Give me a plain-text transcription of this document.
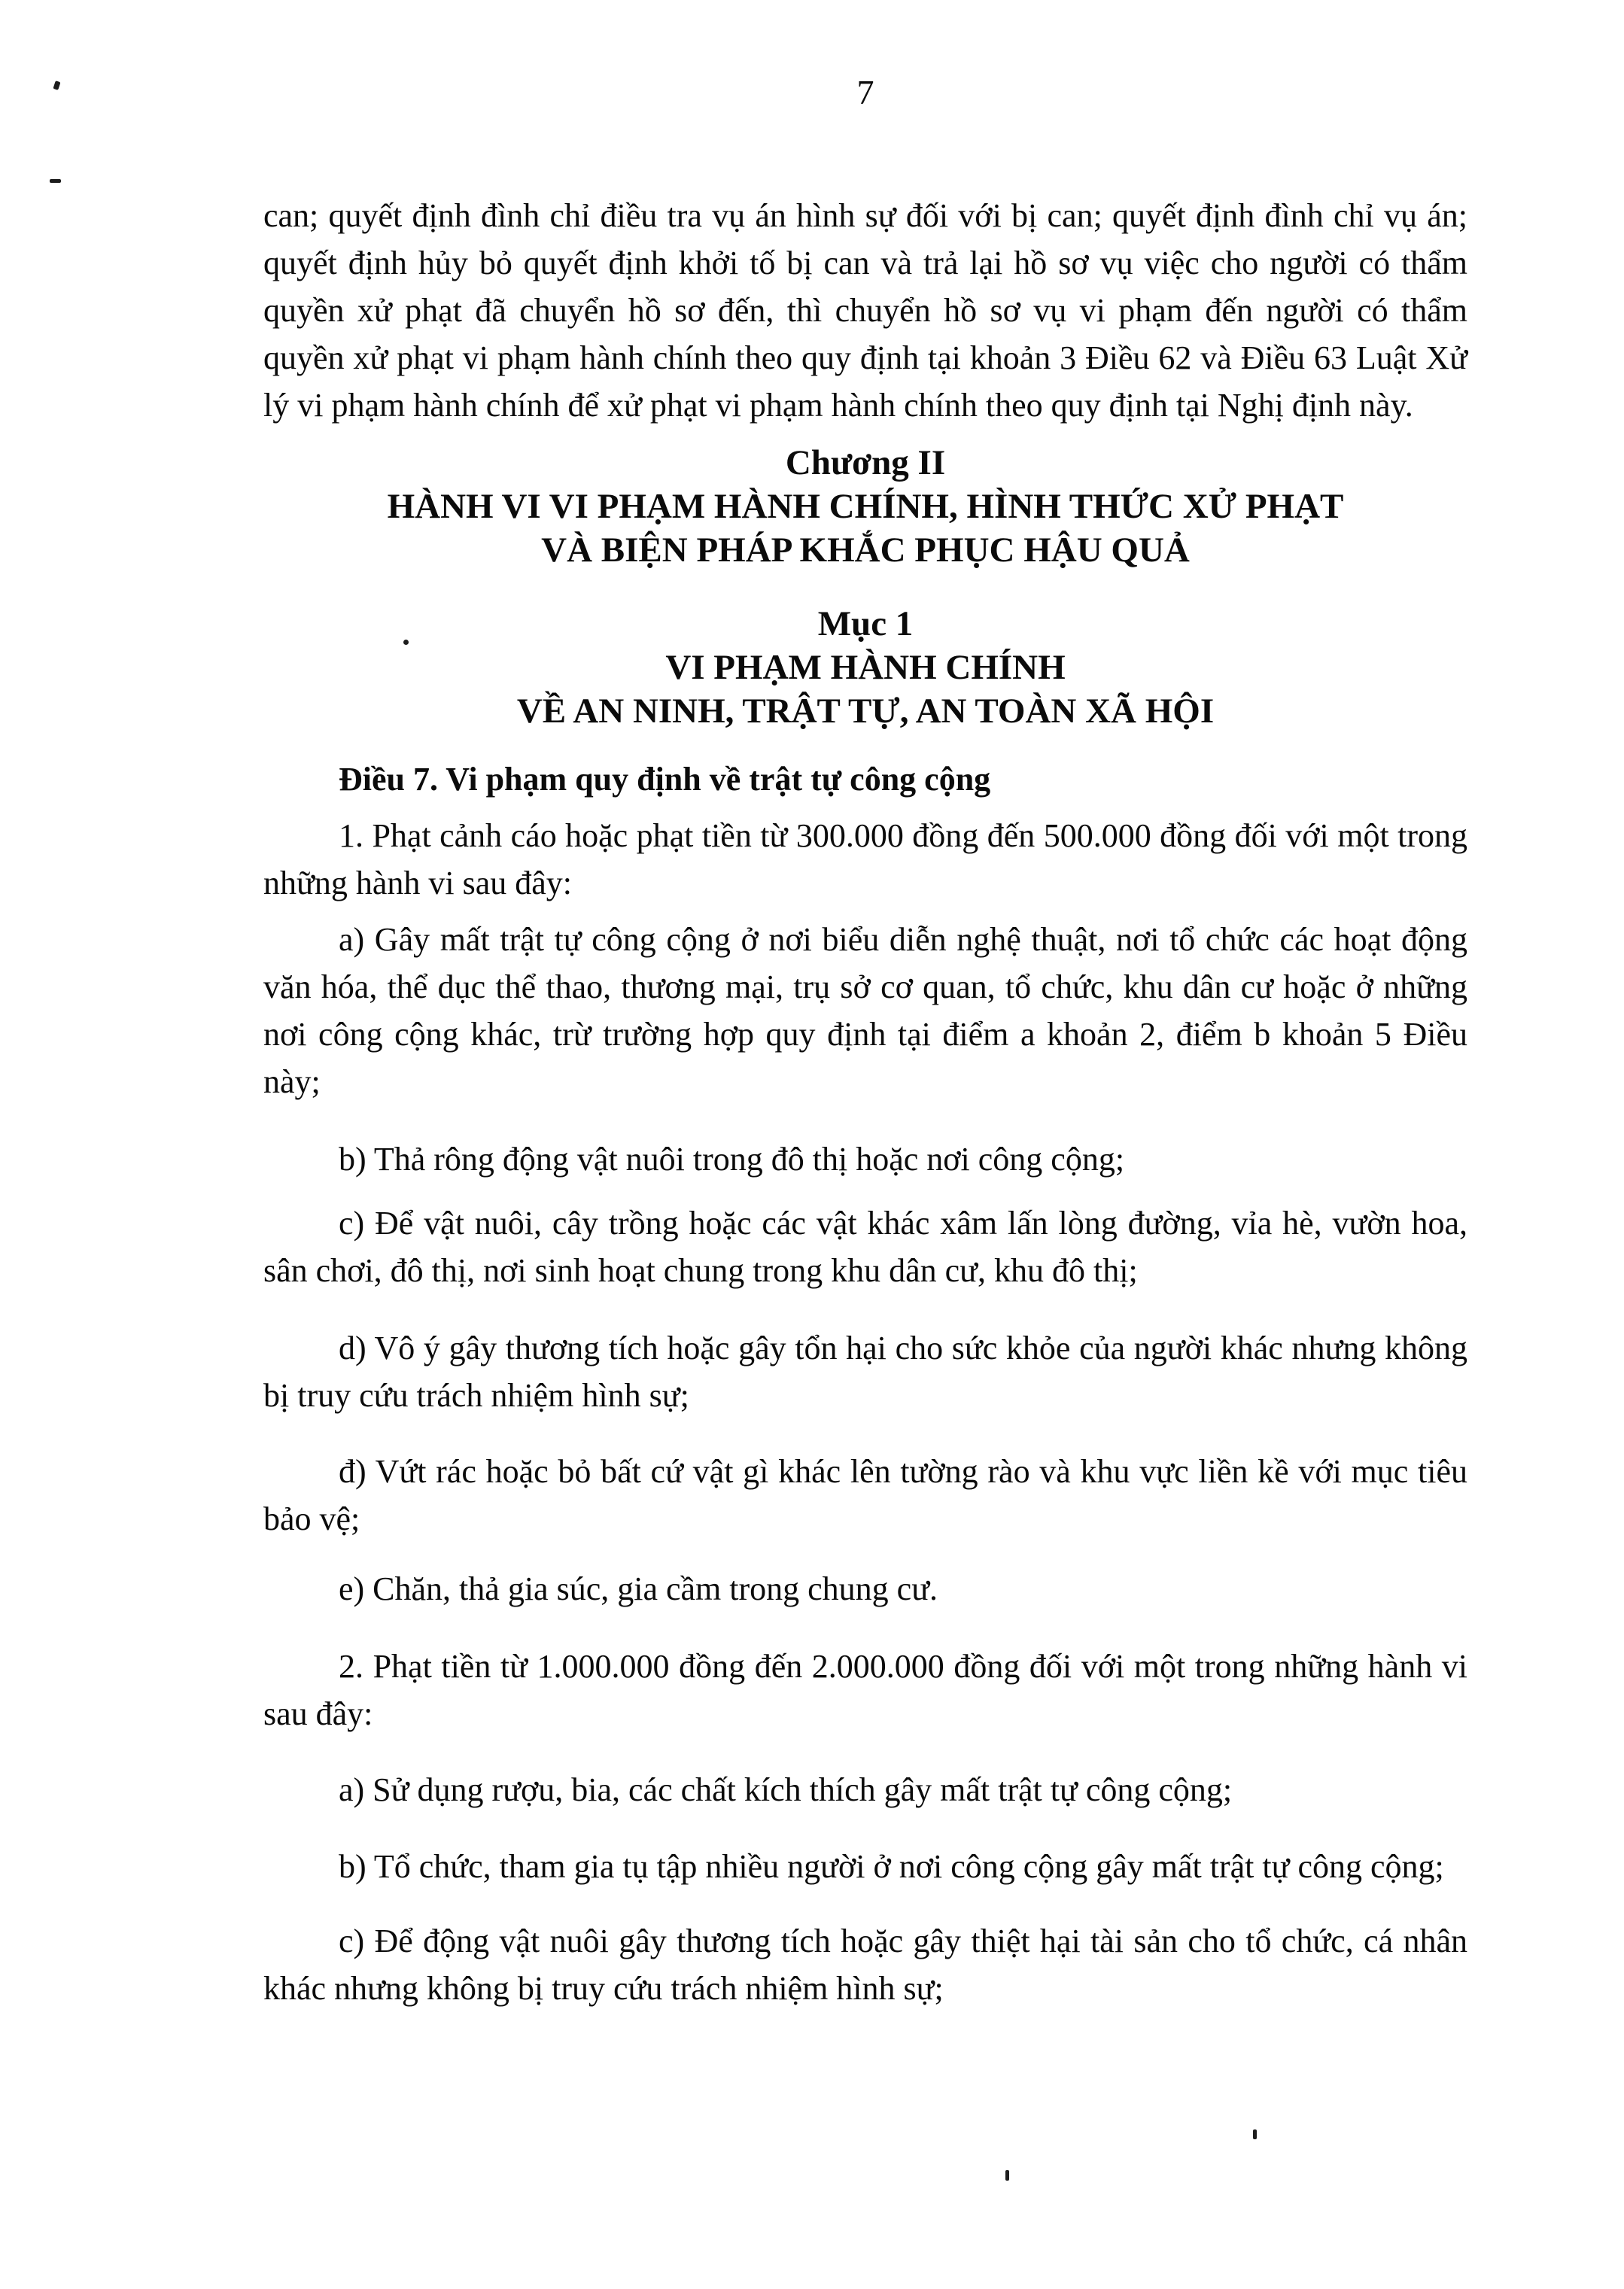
7

can; quyết định đình chỉ điều tra vụ án hình sự đối với bị can; quyết định đình chỉ vụ án; quyết định hủy bỏ quyết định khởi tố bị can và trả lại hồ sơ vụ việc cho người có thẩm quyền xử phạt đã chuyển hồ sơ đến, thì chuyển hồ sơ vụ vi phạm đến người có thẩm quyền xử phạt vi phạm hành chính theo quy định tại khoản 3 Điều 62 và Điều 63 Luật Xử lý vi phạm hành chính để xử phạt vi phạm hành chính theo quy định tại Nghị định này.

Chương II
HÀNH VI VI PHẠM HÀNH CHÍNH, HÌNH THỨC XỬ PHẠT
VÀ BIỆN PHÁP KHẮC PHỤC HẬU QUẢ
Mục 1
VI PHẠM HÀNH CHÍNH
VỀ AN NINH, TRẬT TỰ, AN TOÀN XÃ HỘI

Điều 7. Vi phạm quy định về trật tự công cộng

1. Phạt cảnh cáo hoặc phạt tiền từ 300.000 đồng đến 500.000 đồng đối với một trong những hành vi sau đây:

a) Gây mất trật tự công cộng ở nơi biểu diễn nghệ thuật, nơi tổ chức các hoạt động văn hóa, thể dục thể thao, thương mại, trụ sở cơ quan, tổ chức, khu dân cư hoặc ở những nơi công cộng khác, trừ trường hợp quy định tại điểm a khoản 2, điểm b khoản 5 Điều này;

b) Thả rông động vật nuôi trong đô thị hoặc nơi công cộng;

c) Để vật nuôi, cây trồng hoặc các vật khác xâm lấn lòng đường, vỉa hè, vườn hoa, sân chơi, đô thị, nơi sinh hoạt chung trong khu dân cư, khu đô thị;

d) Vô ý gây thương tích hoặc gây tổn hại cho sức khỏe của người khác nhưng không bị truy cứu trách nhiệm hình sự;

đ) Vứt rác hoặc bỏ bất cứ vật gì khác lên tường rào và khu vực liền kề với mục tiêu bảo vệ;

e) Chăn, thả gia súc, gia cầm trong chung cư.

2. Phạt tiền từ 1.000.000 đồng đến 2.000.000 đồng đối với một trong những hành vi sau đây:

a) Sử dụng rượu, bia, các chất kích thích gây mất trật tự công cộng;

b) Tổ chức, tham gia tụ tập nhiều người ở nơi công cộng gây mất trật tự công cộng;

c) Để động vật nuôi gây thương tích hoặc gây thiệt hại tài sản cho tổ chức, cá nhân khác nhưng không bị truy cứu trách nhiệm hình sự;
